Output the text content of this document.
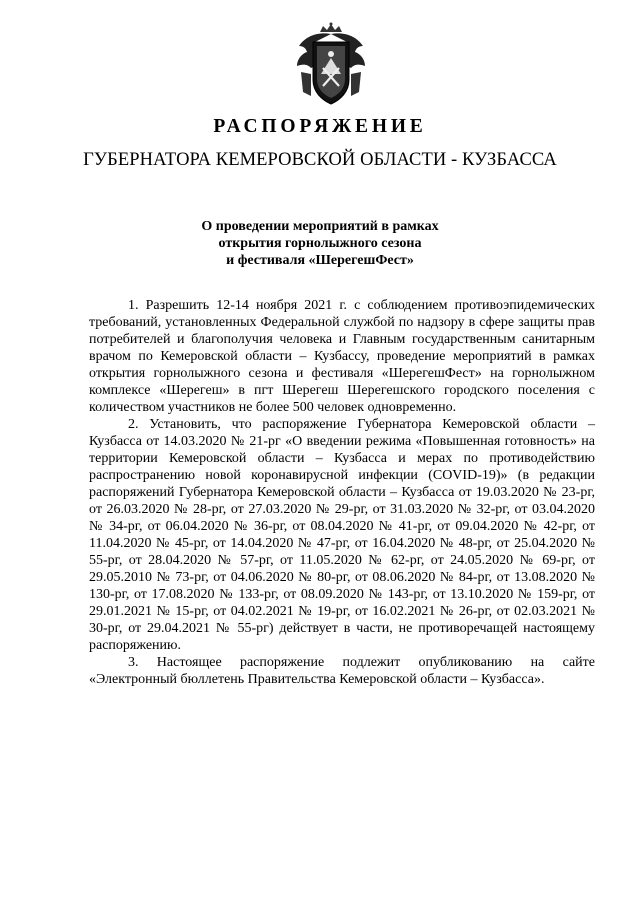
РАСПОРЯЖЕНИЕ
ГУБЕРНАТОРА КЕМЕРОВСКОЙ ОБЛАСТИ - КУЗБАССА
О проведении мероприятий в рамках
открытия горнолыжного сезона
и фестиваля «ШерегешФест»

1. Разрешить 12-14 ноября 2021 г. с соблюдением противоэпидемических требований, установленных Федеральной службой по надзору в сфере защиты прав потребителей и благополучия человека и Главным государственным санитарным врачом по Кемеровской области – Кузбассу, проведение мероприятий в рамках открытия горнолыжного сезона и фестиваля «ШерегешФест» на горнолыжном комплексе «Шерегеш» в пгт Шерегеш Шерегешского городского поселения с количеством участников не более 500 человек одновременно.

2. Установить, что распоряжение Губернатора Кемеровской области – Кузбасса от 14.03.2020 № 21-рг «О введении режима «Повышенная готовность» на территории Кемеровской области – Кузбасса и мерах по противодействию распространению новой коронавирусной инфекции (COVID-19)» (в редакции распоряжений Губернатора Кемеровской области – Кузбасса от 19.03.2020 № 23-рг, от 26.03.2020 № 28-рг, от 27.03.2020 № 29-рг, от 31.03.2020 № 32-рг, от 03.04.2020 № 34-рг, от 06.04.2020 № 36-рг, от 08.04.2020 № 41-рг, от 09.04.2020 № 42-рг, от 11.04.2020 № 45-рг, от 14.04.2020 № 47-рг, от 16.04.2020 № 48-рг, от 25.04.2020 № 55-рг, от 28.04.2020 № 57-рг, от 11.05.2020 № 62-рг, от 24.05.2020 № 69-рг, от 29.05.2010 № 73-рг, от 04.06.2020 № 80-рг, от 08.06.2020 № 84-рг, от 13.08.2020 № 130-рг, от 17.08.2020 № 133-рг, от 08.09.2020 № 143-рг, от 13.10.2020 № 159-рг, от 29.01.2021 № 15-рг, от 04.02.2021 № 19-рг, от 16.02.2021 № 26-рг, от 02.03.2021 № 30-рг, от 29.04.2021 № 55-рг) действует в части, не противоречащей настоящему распоряжению.

3. Настоящее распоряжение подлежит опубликованию на сайте «Электронный бюллетень Правительства Кемеровской области – Кузбасса».
